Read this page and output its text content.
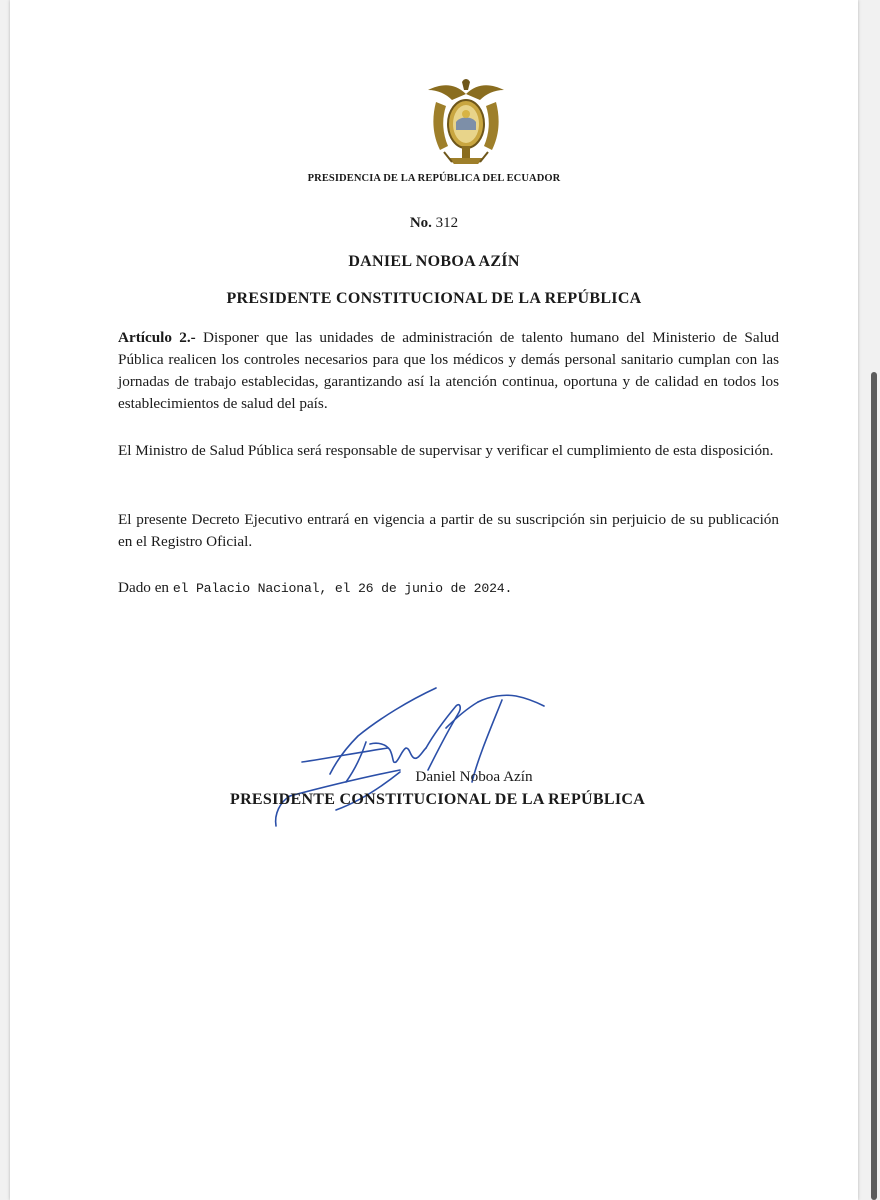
PRESIDENCIA DE LA REPÚBLICA DEL ECUADOR
No. 312
DANIEL NOBOA AZÍN
PRESIDENTE CONSTITUCIONAL DE LA REPÚBLICA
Artículo 2.- Disponer que las unidades de administración de talento humano del Ministerio de Salud Pública realicen los controles necesarios para que los médicos y demás personal sanitario cumplan con las jornadas de trabajo establecidas, garantizando así la atención continua, oportuna y de calidad en todos los establecimientos de salud del país.
El Ministro de Salud Pública será responsable de supervisar y verificar el cumplimiento de esta disposición.
El presente Decreto Ejecutivo entrará en vigencia a partir de su suscripción sin perjuicio de su publicación en el Registro Oficial.
Dado en el Palacio Nacional, el 26 de junio de 2024.
Daniel Noboa Azín
PRESIDENTE CONSTITUCIONAL DE LA REPÚBLICA
